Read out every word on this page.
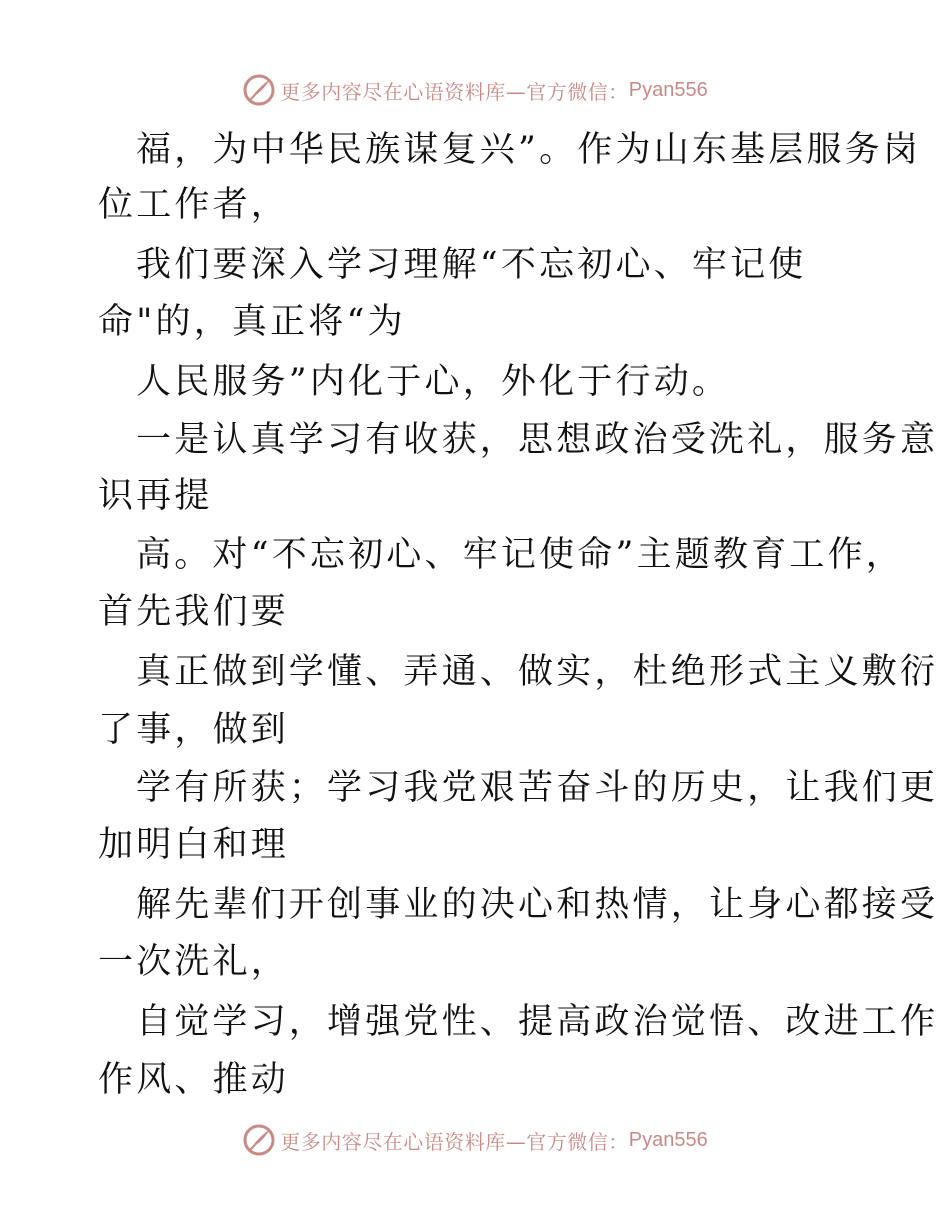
更多内容尽在心语资料库—官方微信： Pyan556
福，为中华民族谋复兴”。作为山东基层服务岗
位工作者，
我们要深入学习理解“不忘初心、牢记使
命"的，真正将“为
人民服务”内化于心，外化于行动。
一是认真学习有收获，思想政治受洗礼，服务意
识再提
高。对“不忘初心、牢记使命”主题教育工作，
首先我们要
真正做到学懂、弄通、做实，杜绝形式主义敷衍
了事，做到
学有所获；学习我党艰苦奋斗的历史，让我们更
加明白和理
解先辈们开创事业的决心和热情，让身心都接受
一次洗礼，
自觉学习，增强党性、提高政治觉悟、改进工作
作风、推动
更多内容尽在心语资料库—官方微信： Pyan556
